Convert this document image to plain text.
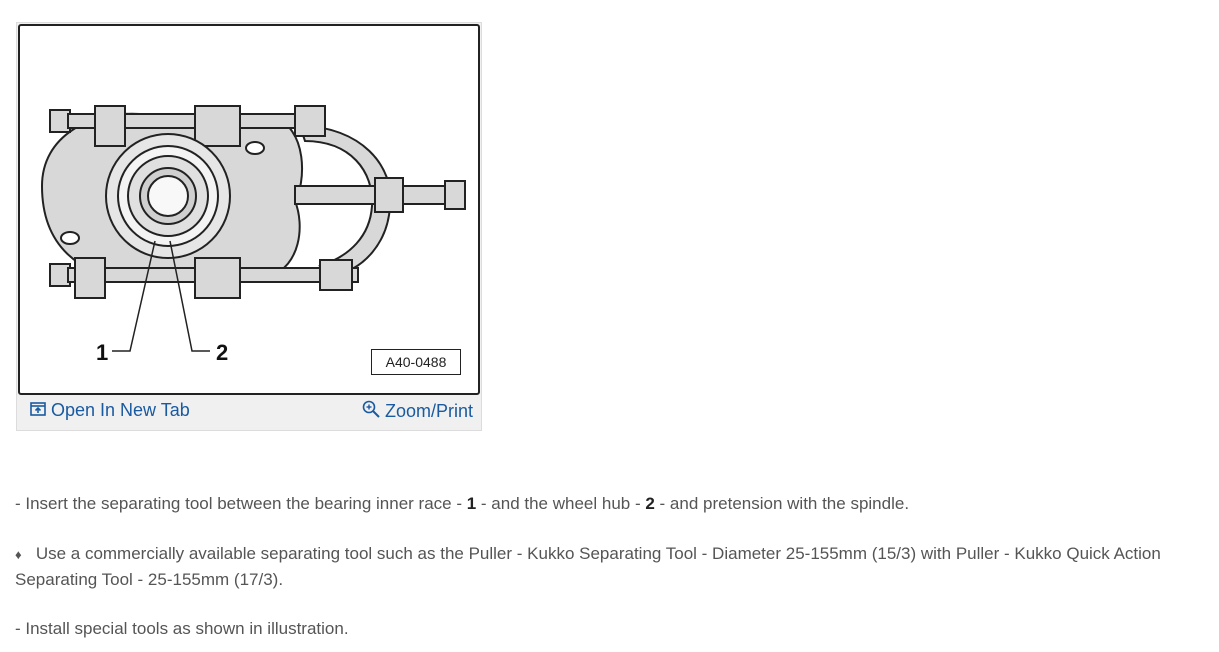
1	2	A40-0488
Open In New Tab	Zoom/Print

- Insert the separating tool between the bearing inner race - 1 - and the wheel hub - 2 - and pretension with the spindle.

♦ Use a commercially available separating tool such as the Puller - Kukko Separating Tool - Diameter 25-155mm (15/3) with Puller - Kukko Quick Action Separating Tool - 25-155mm (17/3).

- Install special tools as shown in illustration.
